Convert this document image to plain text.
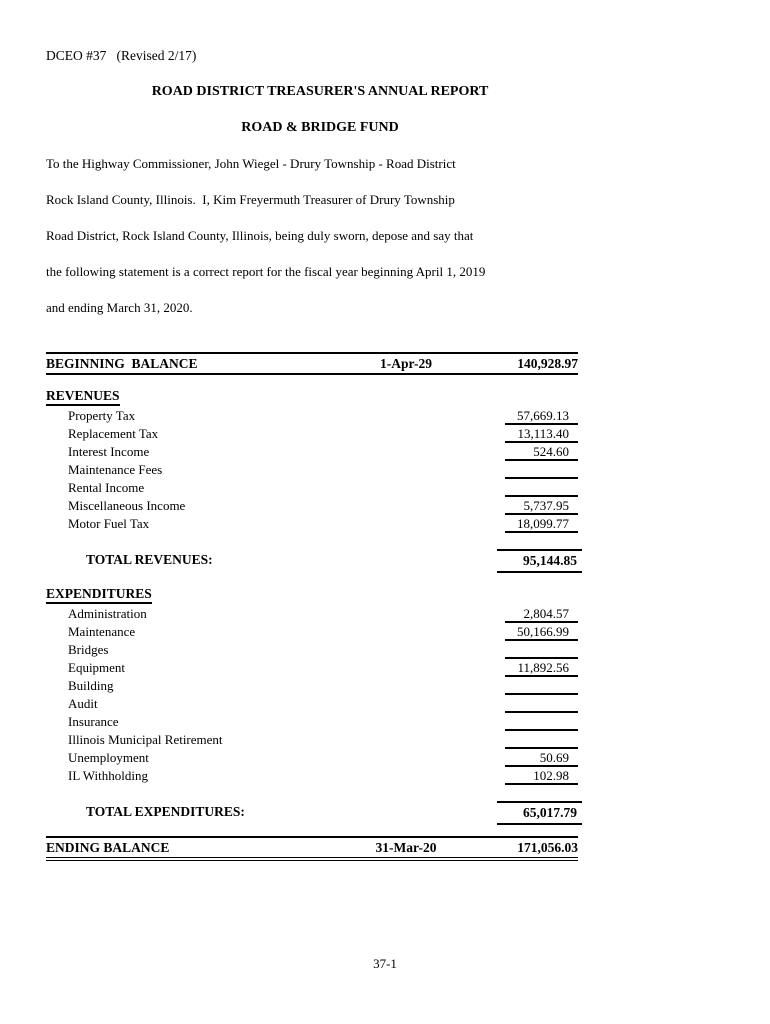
DCEO #37   (Revised 2/17)
ROAD DISTRICT TREASURER'S ANNUAL REPORT
ROAD & BRIDGE FUND
To the Highway Commissioner, John Wiegel - Drury Township - Road District
Rock Island County, Illinois.  I, Kim Freyermuth Treasurer of Drury Township
Road District, Rock Island County, Illinois, being duly sworn, depose and say that
the following statement is a correct report for the fiscal year beginning April 1, 2019
and ending March 31, 2020.
BEGINNING  BALANCE	1-Apr-29	140,928.97
REVENUES
Property Tax	57,669.13
Replacement Tax	13,113.40
Interest Income	524.60
Maintenance Fees
Rental Income
Miscellaneous Income	5,737.95
Motor Fuel Tax	18,099.77
TOTAL REVENUES:	95,144.85
EXPENDITURES
Administration	2,804.57
Maintenance	50,166.99
Bridges
Equipment	11,892.56
Building
Audit
Insurance
Illinois Municipal Retirement
Unemployment	50.69
IL Withholding	102.98
TOTAL EXPENDITURES:	65,017.79
ENDING BALANCE	31-Mar-20	171,056.03
37-1
